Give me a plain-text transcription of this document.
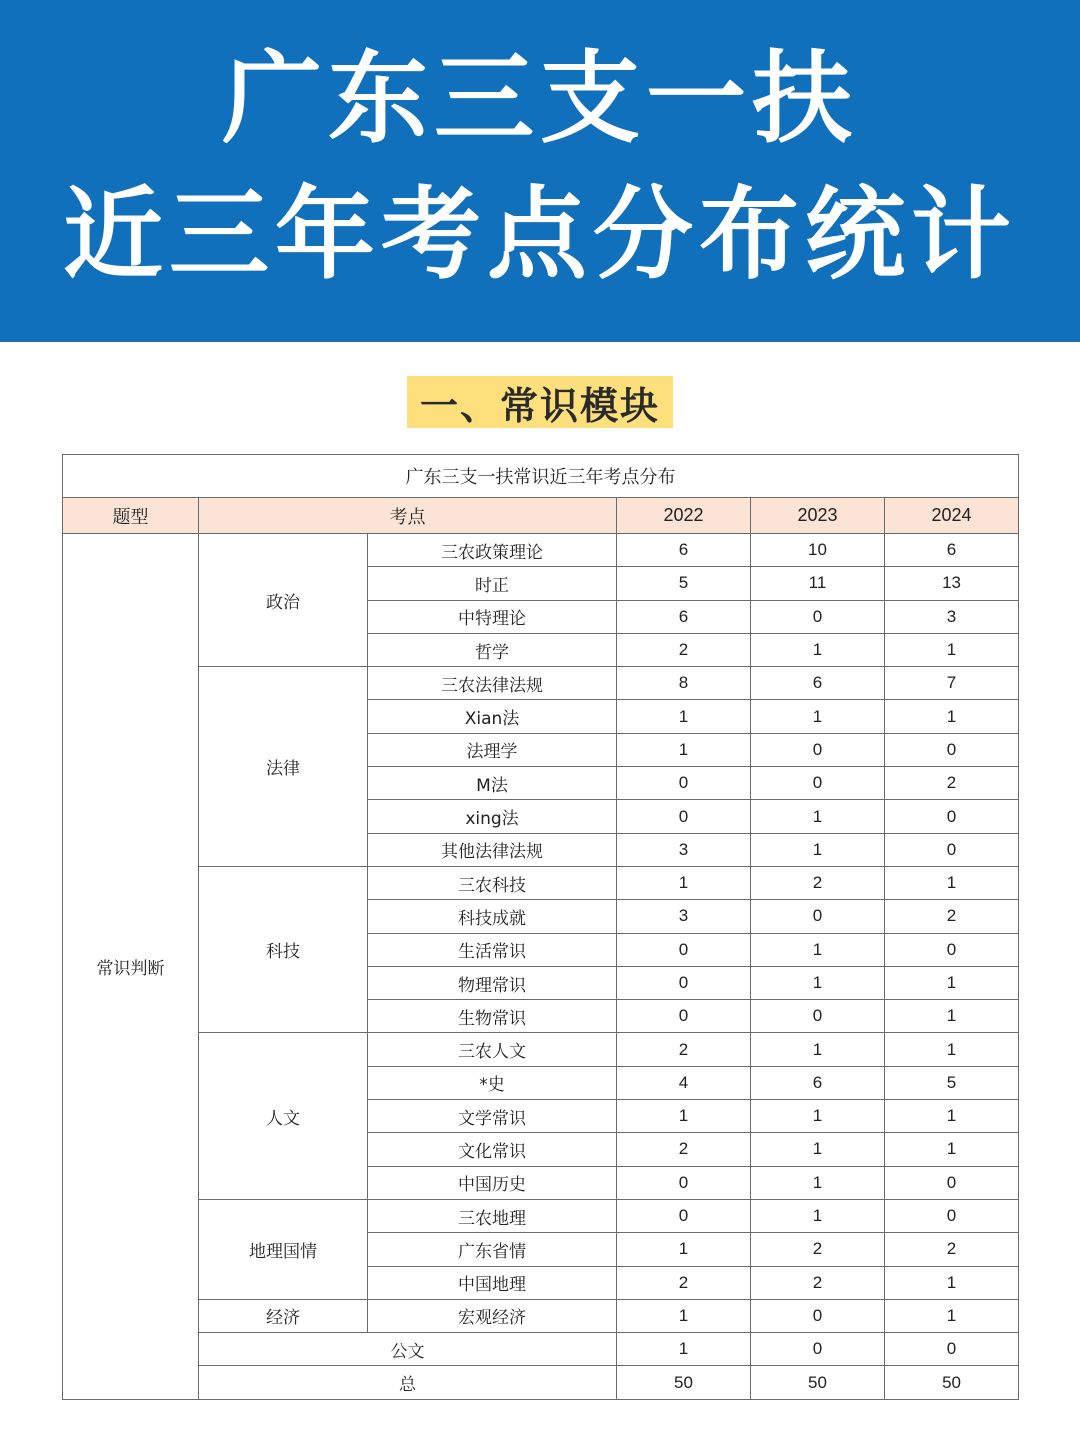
广东三支一扶
近三年考点分布统计
一、常识模块
广东三支一扶常识近三年考点分布					
题型	考点		2022	2023	2024
常识判断	政治	三农政策理论	6	10	6
		时正	5	11	13
		中特理论	6	0	3
		哲学	2	1	1
	法律	三农法律法规	8	6	7
		Xian法	1	1	1
		法理学	1	0	0
		M法	0	0	2
		xing法	0	1	0
		其他法律法规	3	1	0
	科技	三农科技	1	2	1
		科技成就	3	0	2
		生活常识	0	1	0
		物理常识	0	1	1
		生物常识	0	0	1
	人文	三农人文	2	1	1
		*史	4	6	5
		文学常识	1	1	1
		文化常识	2	1	1
		中国历史	0	1	0
	地理国情	三农地理	0	1	0
		广东省情	1	2	2
		中国地理	2	2	1
	经济	宏观经济	1	0	1
	公文		1	0	0
	总		50	50	50
